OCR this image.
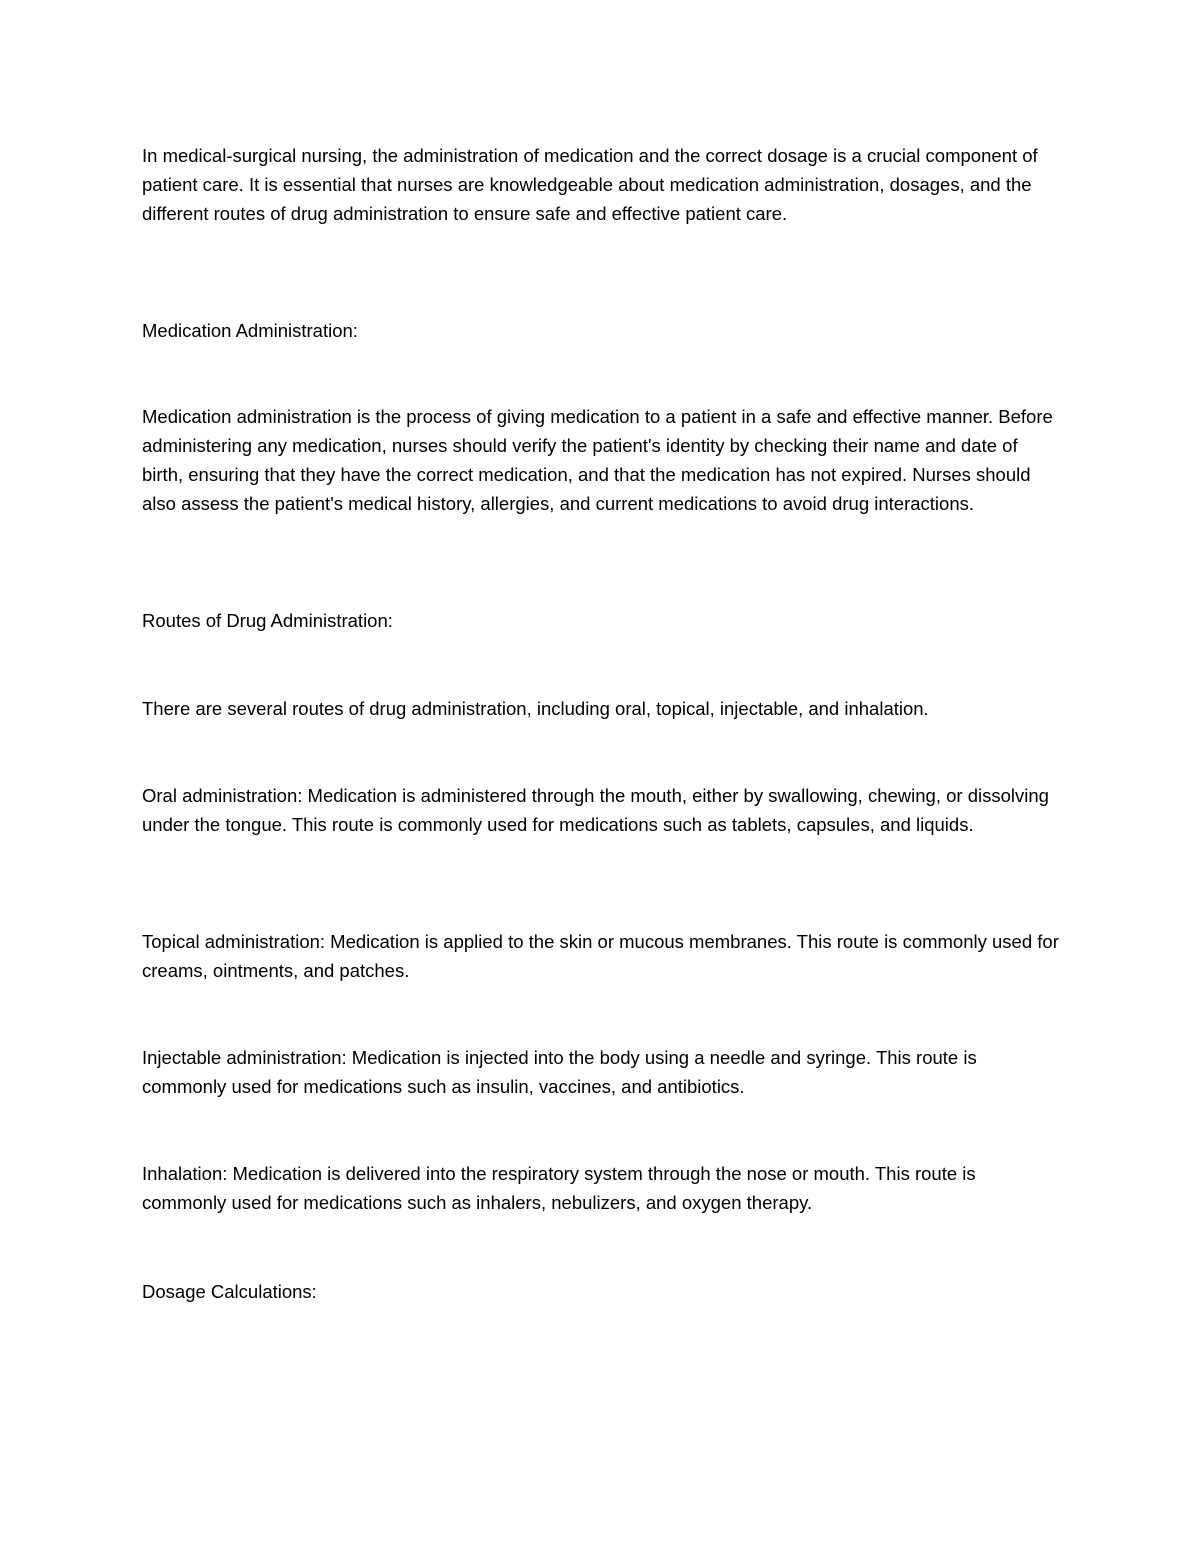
In medical-surgical nursing, the administration of medication and the correct dosage is a crucial component of patient care. It is essential that nurses are knowledgeable about medication administration, dosages, and the different routes of drug administration to ensure safe and effective patient care.

Medication Administration:

Medication administration is the process of giving medication to a patient in a safe and effective manner. Before administering any medication, nurses should verify the patient's identity by checking their name and date of birth, ensuring that they have the correct medication, and that the medication has not expired. Nurses should also assess the patient's medical history, allergies, and current medications to avoid drug interactions.

Routes of Drug Administration:

There are several routes of drug administration, including oral, topical, injectable, and inhalation.

Oral administration: Medication is administered through the mouth, either by swallowing, chewing, or dissolving under the tongue. This route is commonly used for medications such as tablets, capsules, and liquids.

Topical administration: Medication is applied to the skin or mucous membranes. This route is commonly used for creams, ointments, and patches.

Injectable administration: Medication is injected into the body using a needle and syringe. This route is commonly used for medications such as insulin, vaccines, and antibiotics.

Inhalation: Medication is delivered into the respiratory system through the nose or mouth. This route is commonly used for medications such as inhalers, nebulizers, and oxygen therapy.

Dosage Calculations:
